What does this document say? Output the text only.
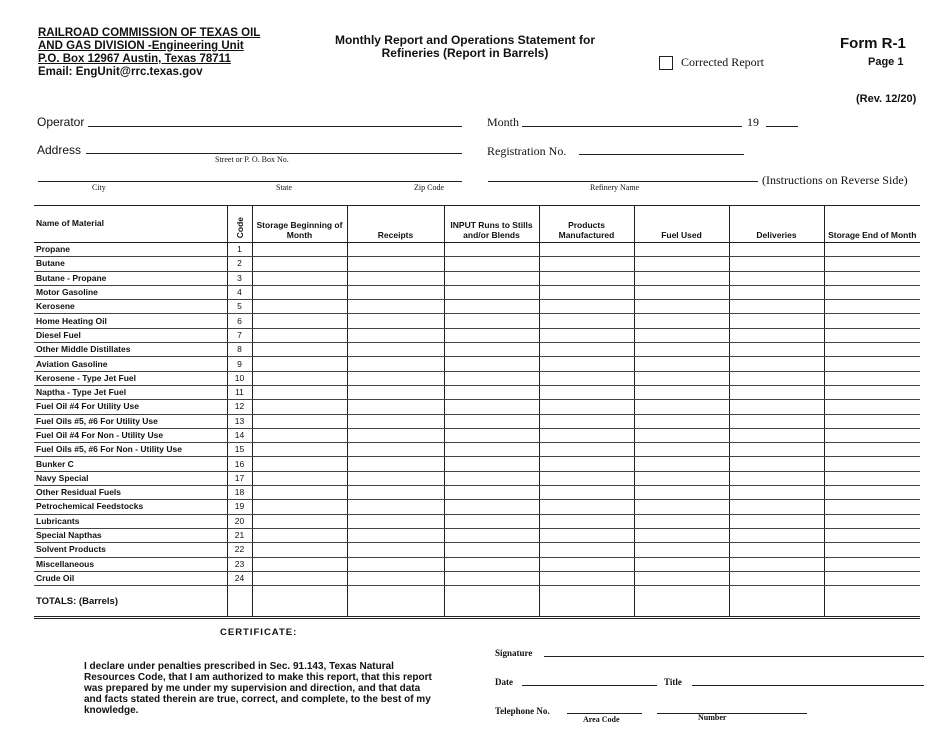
RAILROAD COMMISSION OF TEXAS OIL
AND GAS DIVISION -Engineering Unit
P.O. Box 12967 Austin, Texas 78711
Email: EngUnit@rrc.texas.gov
Monthly Report and Operations Statement for
Refineries (Report in Barrels)
Corrected Report
Form R-1
Page 1
(Rev. 12/20)
Operator	Month	19
Address
Street or P. O. Box No.
Registration No.
City	State	Zip Code	Refinery Name
(Instructions on Reverse Side)
Name of Material	Code	Storage Beginning of Month	Receipts	INPUT Runs to Stills and/or Blends	Products Manufactured	Fuel Used	Deliveries	Storage End of Month
Propane	1							
Butane	2							
Butane - Propane	3							
Motor Gasoline	4							
Kerosene	5							
Home Heating Oil	6							
Diesel Fuel	7							
Other Middle Distillates	8							
Aviation Gasoline	9							
Kerosene - Type Jet Fuel	10							
Naptha - Type Jet Fuel	11							
Fuel Oil #4 For Utility Use	12							
Fuel Oils #5, #6 For Utility Use	13							
Fuel Oil #4 For Non - Utility Use	14							
Fuel Oils #5, #6 For Non - Utility Use	15							
Bunker C	16							
Navy Special	17							
Other Residual Fuels	18							
Petrochemical Feedstocks	19							
Lubricants	20							
Special Napthas	21							
Solvent Products	22							
Miscellaneous	23							
Crude Oil	24							
TOTALS: (Barrels)								
CERTIFICATE:
I declare under penalties prescribed in Sec. 91.143, Texas Natural Resources Code, that I am authorized to make this report, that this report was prepared by me under my supervision and direction, and that data and facts stated therein are true, correct, and complete, to the best of my knowledge.
Signature
Date	Title
Telephone No.
Area Code	Number
